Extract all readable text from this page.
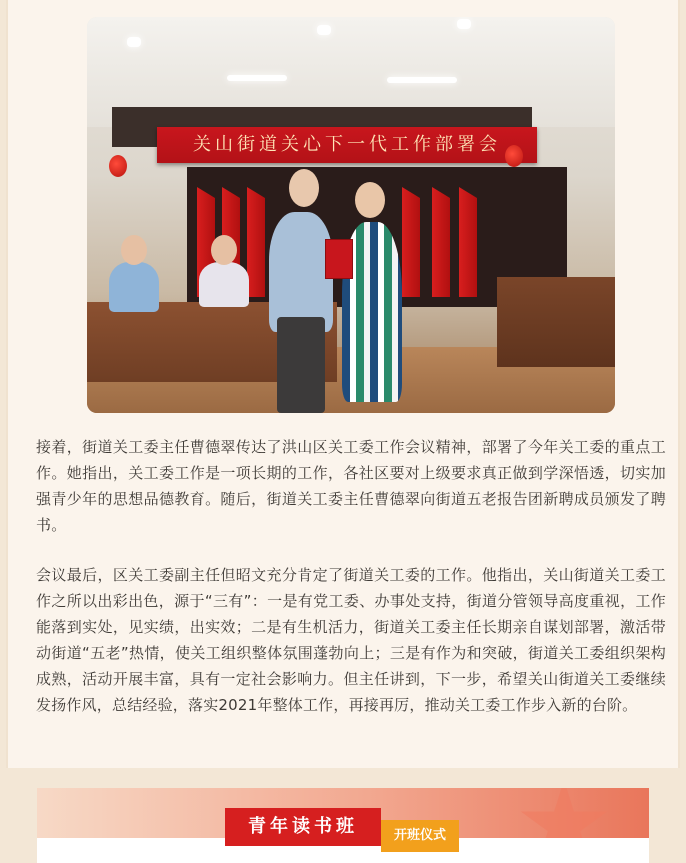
关山街道关心下一代工作部署会

接着，街道关工委主任曹德翠传达了洪山区关工委工作会议精神，部署了今年关工委的重点工作。她指出，关工委工作是一项长期的工作，各社区要对上级要求真正做到学深悟透，切实加强青少年的思想品德教育。随后，街道关工委主任曹德翠向街道五老报告团新聘成员颁发了聘书。

会议最后，区关工委副主任但昭文充分肯定了街道关工委的工作。他指出，关山街道关工委工作之所以出彩出色，源于“三有”：一是有党工委、办事处支持，街道分管领导高度重视，工作能落到实处，见实绩，出实效；二是有生机活力，街道关工委主任长期亲自谋划部署，激活带动街道“五老”热情，使关工组织整体氛围蓬勃向上；三是有作为和突破，街道关工委组织架构成熟，活动开展丰富，具有一定社会影响力。但主任讲到，下一步，希望关山街道关工委继续发扬作风，总结经验，落实2021年整体工作，再接再厉，推动关工委工作步入新的台阶。

青年读书班	开班仪式
